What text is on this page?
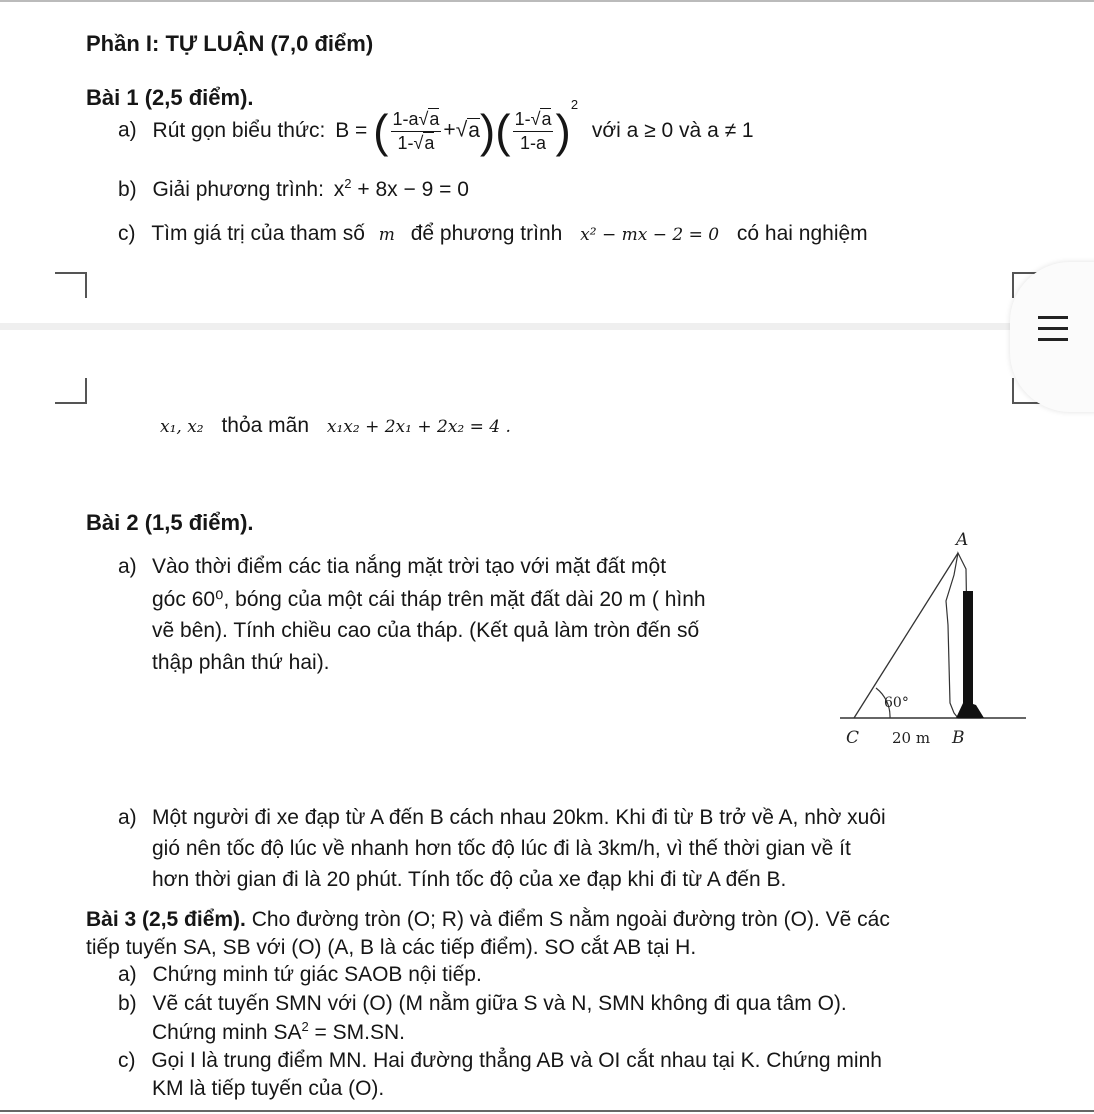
Phần I: TỰ LUẬN (7,0 điểm)
Bài 1 (2,5 điểm).
a) Rút gọn biểu thức: B = ( $\frac{1-a√a}{1-√a} +√a)( \frac{1-√a}{1-a} )^2$ với a ≥ 0 và a ≠ 1
b) Giải phương trình: $x^2 + 8x - 9 = 0$
c) Tìm giá trị của tham số m để phương trình x² − mx − 2 = 0 có hai nghiệm
x₁, x₂ thỏa mãn x₁x₂ + 2x₁ + 2x₂ = 4 .
Bài 2 (1,5 điểm).
a) Vào thời điểm các tia nắng mặt trời tạo với mặt đất một
góc 60⁰, bóng của một cái tháp trên mặt đất dài 20 m ( hình
vẽ bên). Tính chiều cao của tháp. (Kết quả làm tròn đến số
thập phân thứ hai).
A
C	B
60°
20 m
a) Một người đi xe đạp từ A đến B cách nhau 20km. Khi đi từ B trở về A, nhờ xuôi
gió nên tốc độ lúc về nhanh hơn tốc độ lúc đi là 3km/h, vì thế thời gian về ít
hơn thời gian đi là 20 phút. Tính tốc độ của xe đạp khi đi từ A đến B.
Bài 3 (2,5 điểm). Cho đường tròn (O; R) và điểm S nằm ngoài đường tròn (O). Vẽ các
tiếp tuyến SA, SB với (O) (A, B là các tiếp điểm). SO cắt AB tại H.
a) Chứng minh tứ giác SAOB nội tiếp.
b) Vẽ cát tuyến SMN với (O) (M nằm giữa S và N, SMN không đi qua tâm O).
Chứng minh $SA^2 = SM.SN$.
c) Gọi I là trung điểm MN. Hai đường thẳng AB và OI cắt nhau tại K. Chứng minh
KM là tiếp tuyến của (O).
